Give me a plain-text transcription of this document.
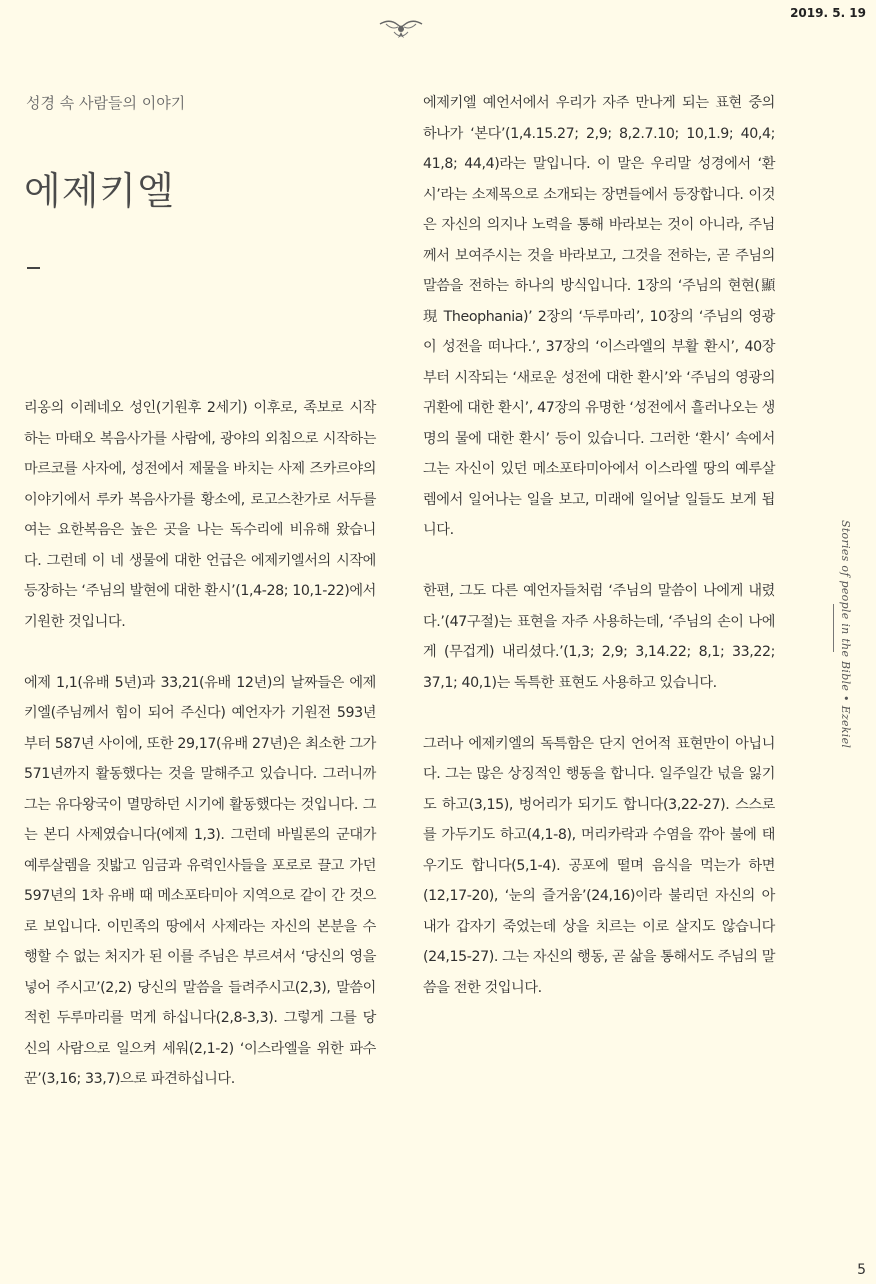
2019. 5. 19
성경 속 사람들의 이야기
에제키엘

리옹의 이레네오 성인(기원후 2세기) 이후로, 족보로 시작하는 마태오 복음사가를 사람에, 광야의 외침으로 시작하는 마르코를 사자에, 성전에서 제물을 바치는 사제 즈카르야의 이야기에서 루카 복음사가를 황소에, 로고스찬가로 서두를 여는 요한복음은 높은 곳을 나는 독수리에 비유해 왔습니다. 그런데 이 네 생물에 대한 언급은 에제키엘서의 시작에 등장하는 ‘주님의 발현에 대한 환시’(1,4-28; 10,1-22)에서 기원한 것입니다.

에제 1,1(유배 5년)과 33,21(유배 12년)의 날짜들은 에제키엘(주님께서 힘이 되어 주신다) 예언자가 기원전 593년부터 587년 사이에, 또한 29,17(유배 27년)은 최소한 그가 571년까지 활동했다는 것을 말해주고 있습니다. 그러니까 그는 유다왕국이 멸망하던 시기에 활동했다는 것입니다. 그는 본디 사제였습니다(에제 1,3). 그런데 바빌론의 군대가 예루살렘을 짓밟고 임금과 유력인사들을 포로로 끌고 가던 597년의 1차 유배 때 메소포타미아 지역으로 같이 간 것으로 보입니다. 이민족의 땅에서 사제라는 자신의 본분을 수행할 수 없는 처지가 된 이를 주님은 부르셔서 ‘당신의 영을 넣어 주시고’(2,2) 당신의 말씀을 들려주시고(2,3), 말씀이 적힌 두루마리를 먹게 하십니다(2,8-3,3). 그렇게 그를 당신의 사람으로 일으켜 세워(2,1-2) ‘이스라엘을 위한 파수꾼’(3,16; 33,7)으로 파견하십니다.

에제키엘 예언서에서 우리가 자주 만나게 되는 표현 중의 하나가 ‘본다’(1,4.15.27; 2,9; 8,2.7.10; 10,1.9; 40,4; 41,8; 44,4)라는 말입니다. 이 말은 우리말 성경에서 ‘환시’라는 소제목으로 소개되는 장면들에서 등장합니다. 이것은 자신의 의지나 노력을 통해 바라보는 것이 아니라, 주님께서 보여주시는 것을 바라보고, 그것을 전하는, 곧 주님의 말씀을 전하는 하나의 방식입니다. 1장의 ‘주님의 현현(顯現 Theophania)’ 2장의 ‘두루마리’, 10장의 ‘주님의 영광이 성전을 떠나다.’, 37장의 ‘이스라엘의 부활 환시’, 40장부터 시작되는 ‘새로운 성전에 대한 환시’와 ‘주님의 영광의 귀환에 대한 환시’, 47장의 유명한 ‘성전에서 흘러나오는 생명의 물에 대한 환시’ 등이 있습니다. 그러한 ‘환시’ 속에서 그는 자신이 있던 메소포타미아에서 이스라엘 땅의 예루살렘에서 일어나는 일을 보고, 미래에 일어날 일들도 보게 됩니다.

한편, 그도 다른 예언자들처럼 ‘주님의 말씀이 나에게 내렸다.’(47구절)는 표현을 자주 사용하는데, ‘주님의 손이 나에게 (무겁게) 내리셨다.’(1,3; 2,9; 3,14.22; 8,1; 33,22; 37,1; 40,1)는 독특한 표현도 사용하고 있습니다.

그러나 에제키엘의 독특함은 단지 언어적 표현만이 아닙니다. 그는 많은 상징적인 행동을 합니다. 일주일간 넋을 잃기도 하고(3,15), 벙어리가 되기도 합니다(3,22-27). 스스로를 가두기도 하고(4,1-8), 머리카락과 수염을 깎아 불에 태우기도 합니다(5,1-4). 공포에 떨며 음식을 먹는가 하면(12,17-20), ‘눈의 즐거움’(24,16)이라 불리던 자신의 아내가 갑자기 죽었는데 상을 치르는 이로 살지도 않습니다(24,15-27). 그는 자신의 행동, 곧 삶을 통해서도 주님의 말씀을 전한 것입니다.

Stories of people in the Bible • Ezekiel
5
